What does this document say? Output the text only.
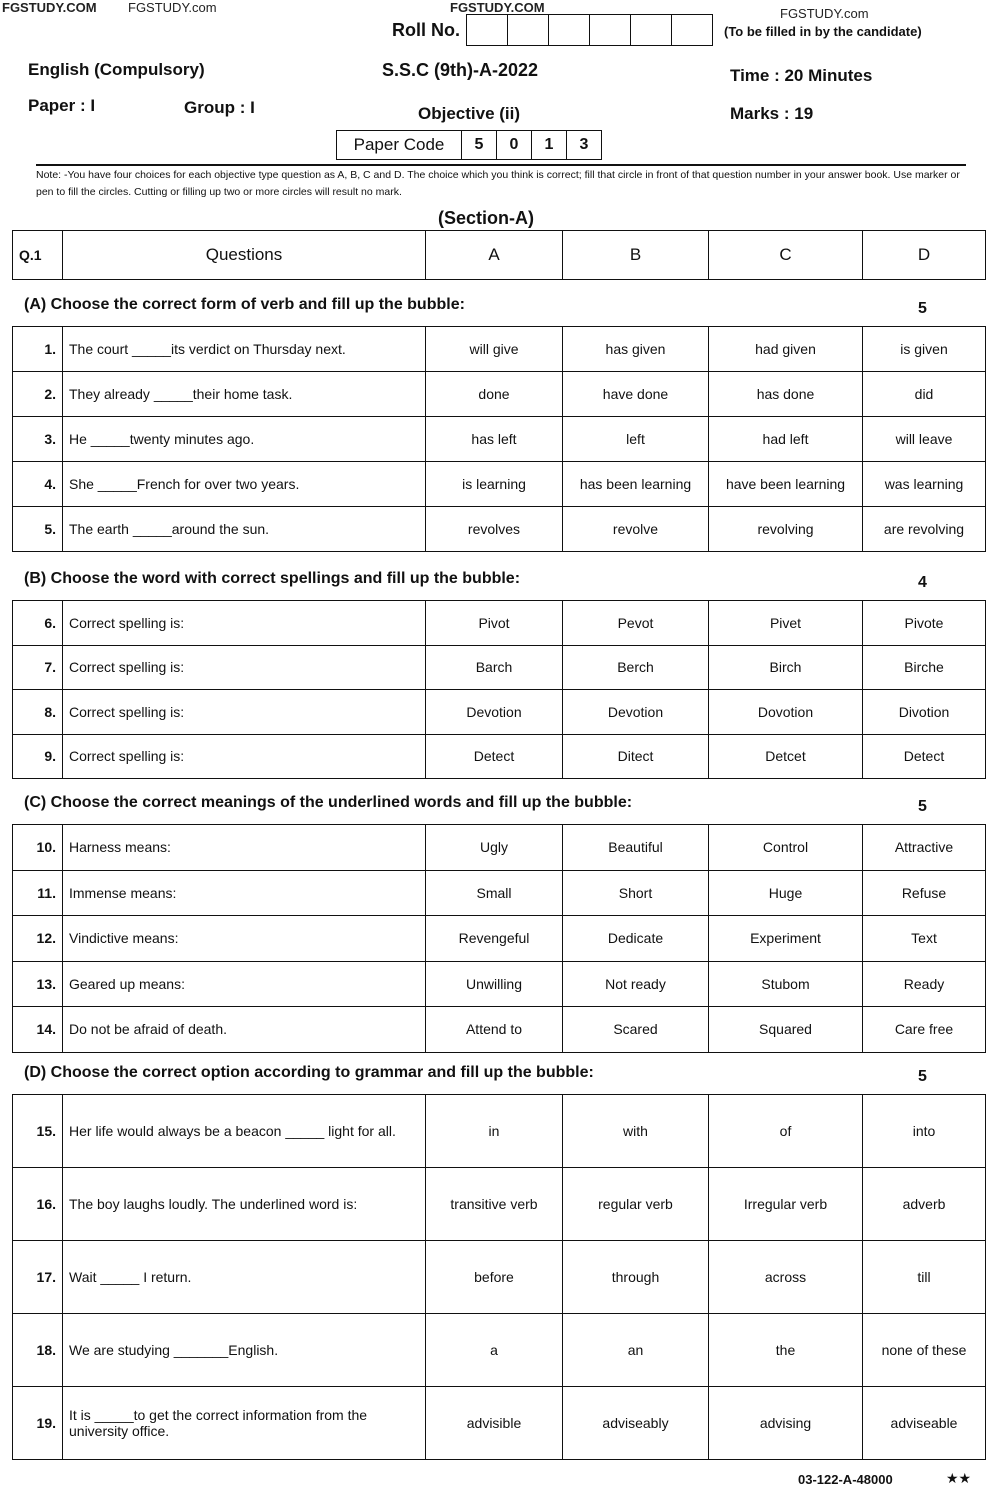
FGSTUDY.COM FGSTUDY.com	FGSTUDY.COM	FGSTUDY.com
Roll No.	(To be filled in by the candidate)
English (Compulsory)	S.S.C (9th)-A-2022	Time : 20 Minutes
Paper : I	Group : I	Objective (ii)	Marks : 19
Paper Code	5	0	1	3
Note: -You have four choices for each objective type question as A, B, C and D. The choice which you think is correct; fill that circle in front of that question number in your answer book. Use marker or pen to fill the circles. Cutting or filling up two or more circles will result no mark.
(Section-A)
Q.1	Questions	A	B	C	D
1.	The court _____its verdict on Thursday next.	will give	has given	had given	is given
2.	They already _____their home task.	done	have done	has done	did
3.	He _____twenty minutes ago.	has left	left	had left	will leave
4.	She _____French for over two years.	is learning	has been learning	have been learning	was learning
5.	The earth _____around the sun.	revolves	revolve	revolving	are revolving
6.	Correct spelling is:	Pivot	Pevot	Pivet	Pivote
7.	Correct spelling is:	Barch	Berch	Birch	Birche
8.	Correct spelling is:	Devotion	Devotion	Dovotion	Divotion
9.	Correct spelling is:	Detect	Ditect	Detcet	Detect
10.	Harness means:	Ugly	Beautiful	Control	Attractive
11.	Immense means:	Small	Short	Huge	Refuse
12.	Vindictive means:	Revengeful	Dedicate	Experiment	Text
13.	Geared up means:	Unwilling	Not ready	Stubom	Ready
14.	Do not be afraid of death.	Attend to	Scared	Squared	Care free
15.	Her life would always be a beacon _____ light for all.	in	with	of	into
16.	The boy laughs loudly. The underlined word is:	transitive verb	regular verb	Irregular verb	adverb
17.	Wait _____ I return.	before	through	across	till
18.	We are studying _______English.	a	an	the	none of these
19.	It is _____to get the correct information from the university office.	advisible	adviseably	advising	adviseable
03-122-A-48000	★★
(A) Choose the correct form of verb and fill up the bubble:	5
(B) Choose the word with correct spellings and fill up the bubble:	4
(C) Choose the correct meanings of the underlined words and fill up the bubble:	5
(D) Choose the correct option according to grammar and fill up the bubble:	5
